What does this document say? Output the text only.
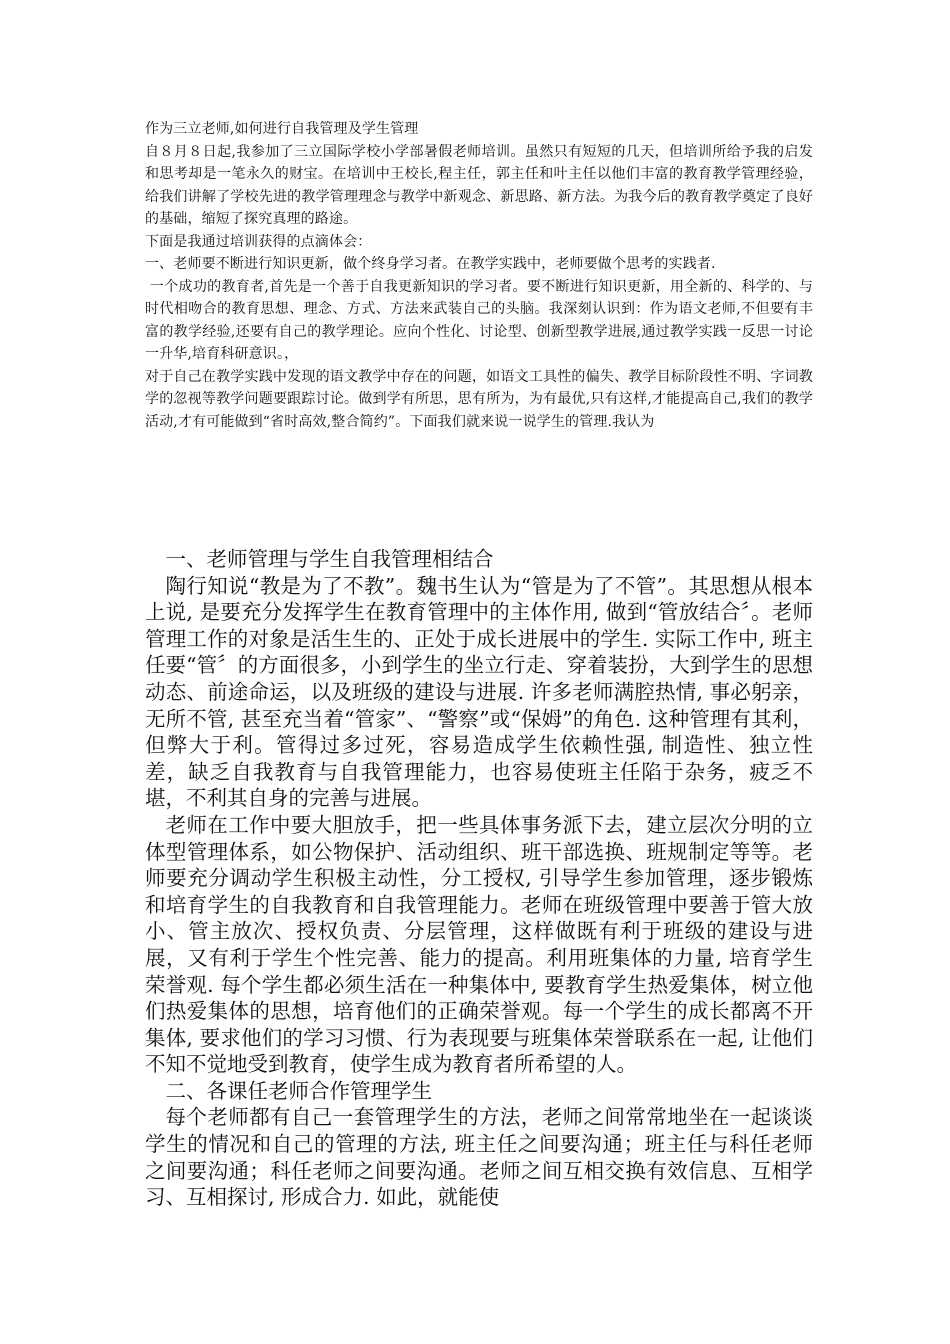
作为三立老师,如何进行自我管理及学生管理

自８月８日起,我参加了三立国际学校小学部暑假老师培训。虽然只有短短的几天，但培训所给予我的启发和思考却是一笔永久的财宝。在培训中王校长,程主任，郭主任和叶主任以他们丰富的教育教学管理经验，给我们讲解了学校先进的教学管理理念与教学中新观念、新思路、新方法。为我今后的教育教学奠定了良好的基础，缩短了探究真理的路途。

下面是我通过培训获得的点滴体会：

一、老师要不断进行知识更新，做个终身学习者。在教学实践中，老师要做个思考的实践者.

一个成功的教育者,首先是一个善于自我更新知识的学习者。要不断进行知识更新，用全新的、科学的、与时代相吻合的教育思想、理念、方式、方法来武装自己的头脑。我深刻认识到：作为语文老师,不但要有丰富的教学经验,还要有自己的教学理论。应向个性化、讨论型、创新型教学进展,通过教学实践一反思一讨论一升华,培育科研意识。，

对于自己在教学实践中发现的语文教学中存在的问题，如语文工具性的偏失、教学目标阶段性不明、字词教学的忽视等教学问题要跟踪讨论。做到学有所思，思有所为，为有最优,只有这样,才能提高自己,我们的教学活动,才有可能做到“省时高效,整合简约”。下面我们就来说一说学生的管理.我认为

一、老师管理与学生自我管理相结合

陶行知说“教是为了不教”。魏书生认为“管是为了不管”。其思想从根本上说, 是要充分发挥学生在教育管理中的主体作用, 做到“管放结合〞。老师管理工作的对象是活生生的、正处于成长进展中的学生. 实际工作中, 班主任要“管〞的方面很多，小到学生的坐立行走、穿着装扮，大到学生的思想动态、前途命运，以及班级的建设与进展. 许多老师满腔热情, 事必躬亲，无所不管, 甚至充当着“管家”、“警察”或“保姆”的角色. 这种管理有其利，但弊大于利。管得过多过死，容易造成学生依赖性强, 制造性、独立性差，缺乏自我教育与自我管理能力，也容易使班主任陷于杂务，疲乏不堪，不利其自身的完善与进展。

老师在工作中要大胆放手，把一些具体事务派下去，建立层次分明的立体型管理体系，如公物保护、活动组织、班干部选换、班规制定等等。老师要充分调动学生积极主动性，分工授权, 引导学生参加管理，逐步锻炼和培育学生的自我教育和自我管理能力。老师在班级管理中要善于管大放小、管主放次、授权负责、分层管理，这样做既有利于班级的建设与进展，又有利于学生个性完善、能力的提高。利用班集体的力量, 培育学生荣誉观. 每个学生都必须生活在一种集体中, 要教育学生热爱集体，树立他们热爱集体的思想，培育他们的正确荣誉观。每一个学生的成长都离不开集体, 要求他们的学习习惯、行为表现要与班集体荣誉联系在一起, 让他们不知不觉地受到教育，使学生成为教育者所希望的人。

二、各课任老师合作管理学生

每个老师都有自己一套管理学生的方法，老师之间常常地坐在一起谈谈学生的情况和自己的管理的方法, 班主任之间要沟通；班主任与科任老师之间要沟通；科任老师之间要沟通。老师之间互相交换有效信息、互相学习、互相探讨, 形成合力. 如此，就能使
